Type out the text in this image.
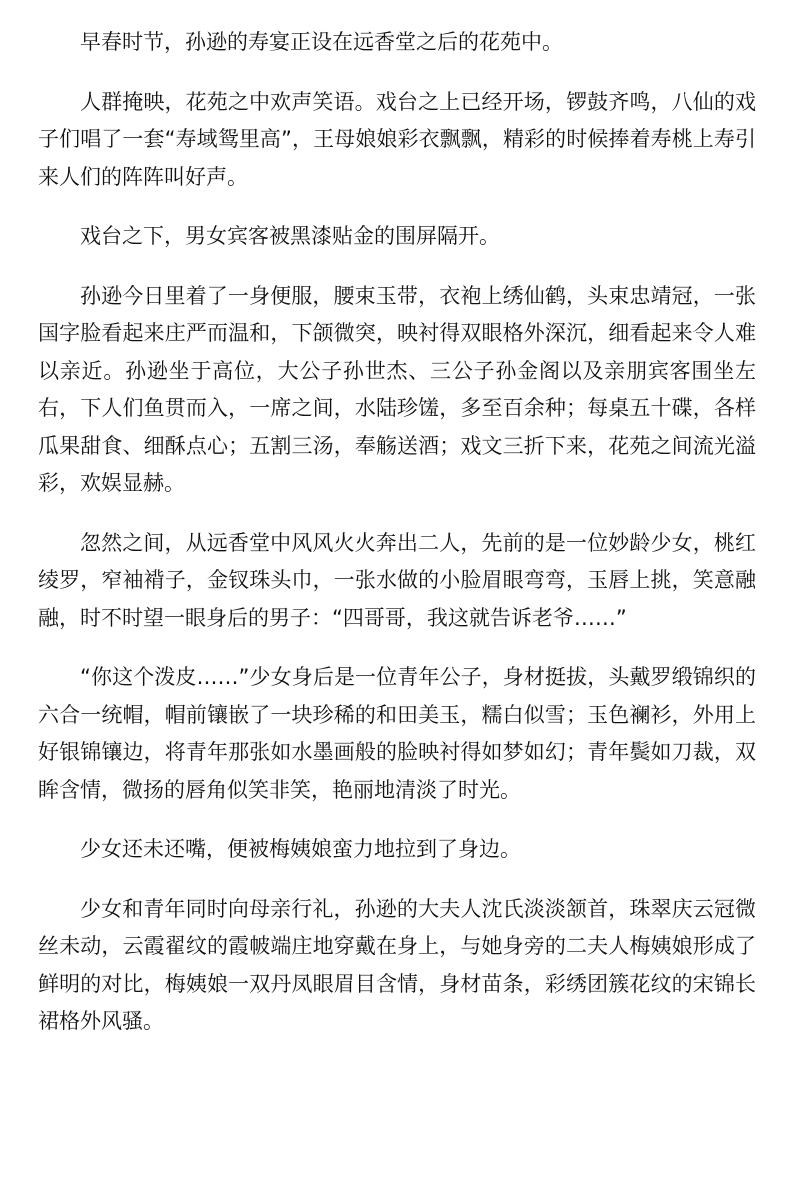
早春时节，孙逊的寿宴正设在远香堂之后的花苑中。

人群掩映，花苑之中欢声笑语。戏台之上已经开场，锣鼓齐鸣，八仙的戏子们唱了一套“寿域鸳里高”，王母娘娘彩衣飘飘，精彩的时候捧着寿桃上寿引来人们的阵阵叫好声。

戏台之下，男女宾客被黑漆贴金的围屏隔开。

孙逊今日里着了一身便服，腰束玉带，衣袍上绣仙鹤，头束忠靖冠，一张国字脸看起来庄严而温和，下颌微突，映衬得双眼格外深沉，细看起来令人难以亲近。孙逊坐于高位，大公子孙世杰、三公子孙金阁以及亲朋宾客围坐左右，下人们鱼贯而入，一席之间，水陆珍馐，多至百余种；每桌五十碟，各样瓜果甜食、细酥点心；五割三汤，奉觞送酒；戏文三折下来，花苑之间流光溢彩，欢娱显赫。

忽然之间，从远香堂中风风火火奔出二人，先前的是一位妙龄少女，桃红绫罗，窄袖褙子，金钗珠头巾，一张水做的小脸眉眼弯弯，玉唇上挑，笑意融融，时不时望一眼身后的男子：“四哥哥，我这就告诉老爷……”

“你这个泼皮……”少女身后是一位青年公子，身材挺拔，头戴罗缎锦织的六合一统帽，帽前镶嵌了一块珍稀的和田美玉，糯白似雪；玉色襕衫，外用上好银锦镶边，将青年那张如水墨画般的脸映衬得如梦如幻；青年鬓如刀裁，双眸含情，微扬的唇角似笑非笑，艳丽地清淡了时光。

少女还未还嘴，便被梅姨娘蛮力地拉到了身边。

少女和青年同时向母亲行礼，孙逊的大夫人沈氏淡淡颔首，珠翠庆云冠微丝未动，云霞翟纹的霞帔端庄地穿戴在身上，与她身旁的二夫人梅姨娘形成了鲜明的对比，梅姨娘一双丹凤眼眉目含情，身材苗条，彩绣团簇花纹的宋锦长裙格外风骚。
